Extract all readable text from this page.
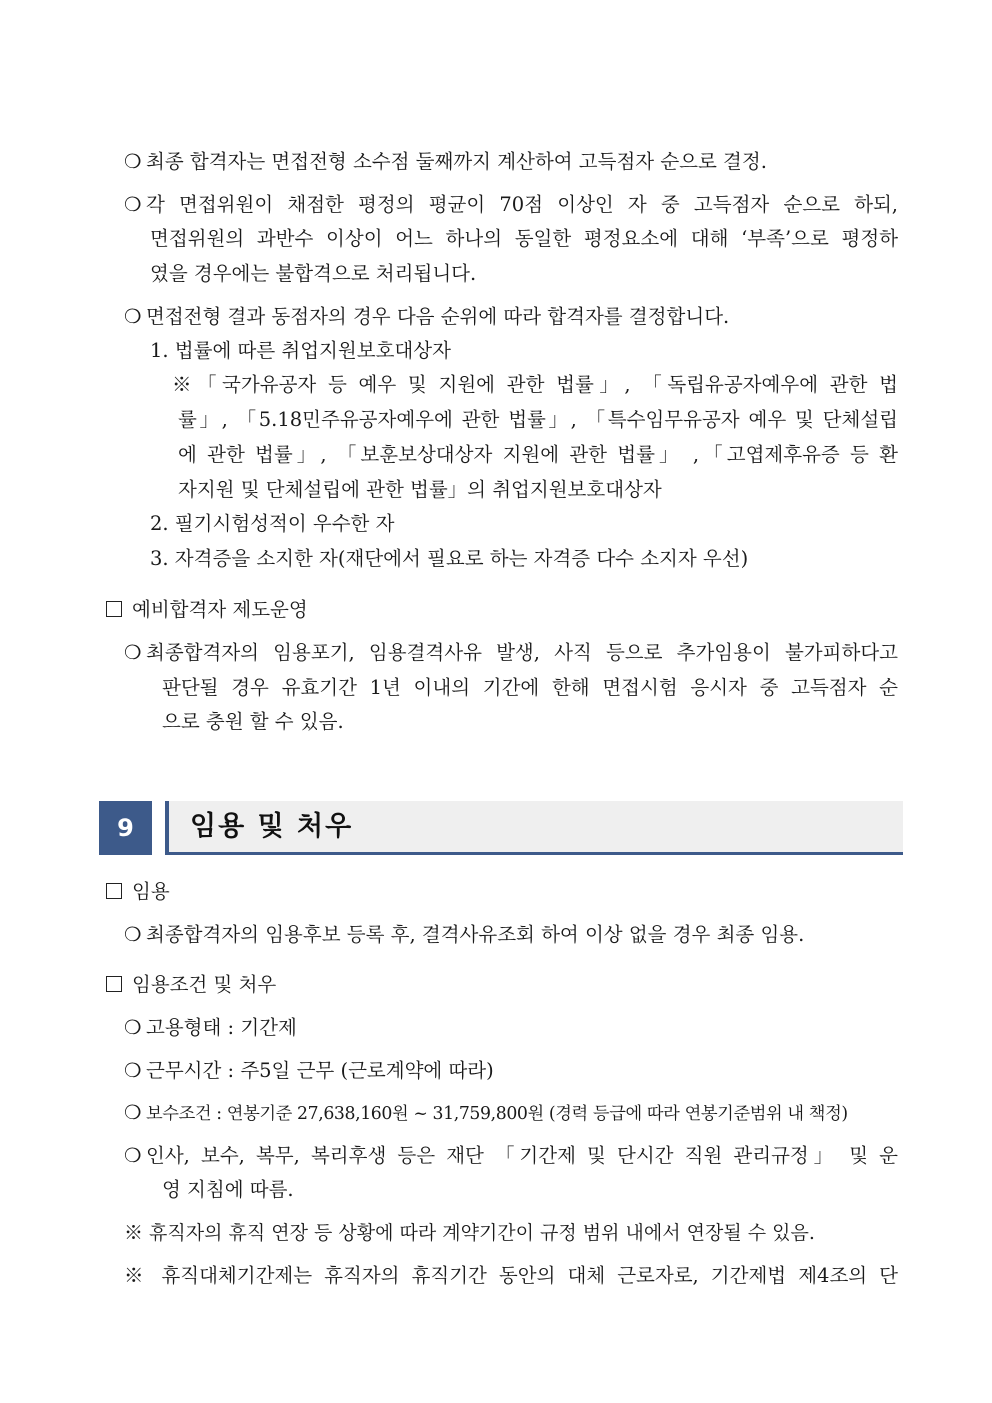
❍ 최종 합격자는 면접전형 소수점 둘째까지 계산하여 고득점자 순으로 결정.
❍ 각 면접위원이 채점한 평정의 평균이 70점 이상인 자 중 고득점자 순으로 하되,
면접위원의 과반수 이상이 어느 하나의 동일한 평정요소에 대해 ‘부족’으로 평정하
였을 경우에는 불합격으로 처리됩니다.
❍ 면접전형 결과 동점자의 경우 다음 순위에 따라 합격자를 결정합니다.
1. 법률에 따른 취업지원보호대상자
※「국가유공자 등 예우 및 지원에 관한 법률」, 「독립유공자예우에 관한 법
률」, 「5.18민주유공자예우에 관한 법률」, 「특수임무유공자 예우 및 단체설립
에 관한 법률」, 「보훈보상대상자 지원에 관한 법률」 ,「고엽제후유증 등 환
자지원 및 단체설립에 관한 법률」의 취업지원보호대상자
2. 필기시험성적이 우수한 자
3. 자격증을 소지한 자(재단에서 필요로 하는 자격증 다수 소지자 우선)
예비합격자 제도운영
❍ 최종합격자의 임용포기, 임용결격사유 발생, 사직 등으로 추가임용이 불가피하다고
판단될 경우 유효기간 1년 이내의 기간에 한해 면접시험 응시자 중 고득점자 순
으로 충원 할 수 있음.
9	임용 및 처우
임용
❍ 최종합격자의 임용후보 등록 후, 결격사유조회 하여 이상 없을 경우 최종 임용.
임용조건 및 처우
❍ 고용형태 : 기간제
❍ 근무시간 : 주5일 근무 (근로계약에 따라)
❍ 보수조건 : 연봉기준 27,638,160원 ~ 31,759,800원 (경력 등급에 따라 연봉기준범위 내 책정)
❍ 인사, 보수, 복무, 복리후생 등은 재단 「기간제 및 단시간 직원 관리규정」 및 운
영 지침에 따름.
※ 휴직자의 휴직 연장 등 상황에 따라 계약기간이 규정 범위 내에서 연장될 수 있음.
※ 휴직대체기간제는 휴직자의 휴직기간 동안의 대체 근로자로, 기간제법 제4조의 단
